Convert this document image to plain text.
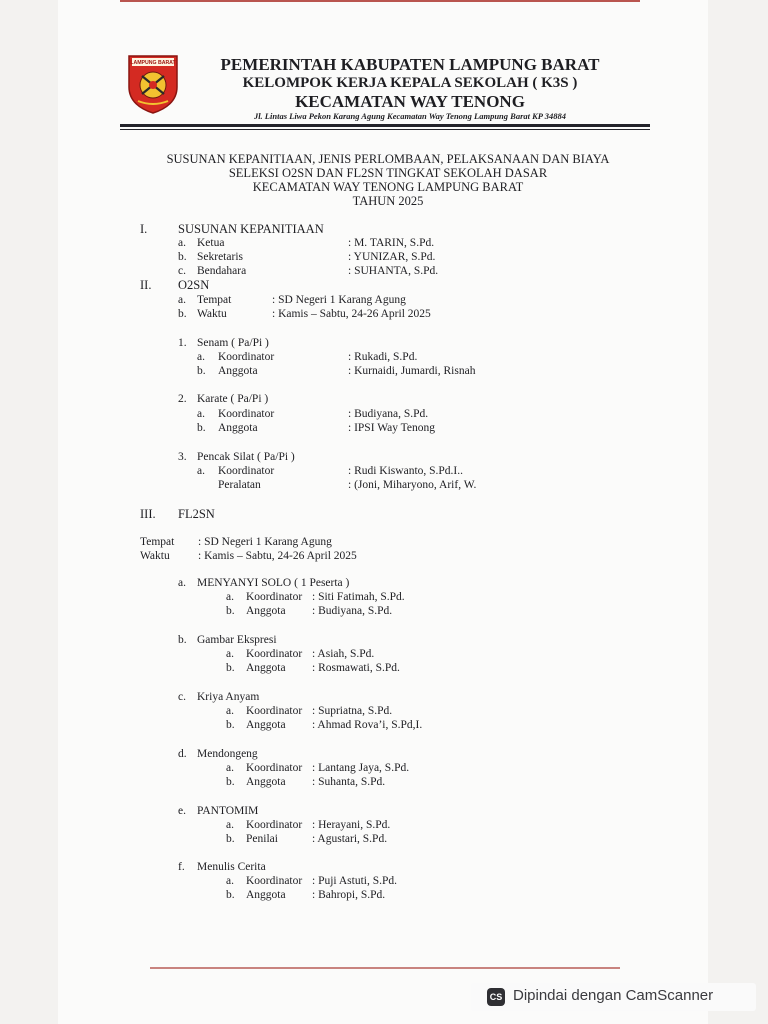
LAMPUNG BARAT	PEMERINTAH KABUPATEN LAMPUNG BARAT
KELOMPOK KERJA KEPALA SEKOLAH ( K3S )
KECAMATAN WAY TENONG
Jl. Lintas Liwa Pekon Karang Agung Kecamatan Way Tenong Lampung Barat KP 34884
SUSUNAN KEPANITIAAN, JENIS PERLOMBAAN, PELAKSANAAN DAN BIAYA
SELEKSI O2SN DAN FL2SN TINGKAT SEKOLAH DASAR
KECAMATAN WAY TENONG LAMPUNG BARAT
TAHUN 2025
I. SUSUNAN KEPANITIAAN
a. Ketua	: M. TARIN, S.Pd.
b. Sekretaris	: YUNIZAR, S.Pd.
c. Bendahara	: SUHANTA, S.Pd.
II. O2SN
a. Tempat	: SD Negeri 1 Karang Agung
b. Waktu	: Kamis – Sabtu, 24-26 April 2025
1. Senam ( Pa/Pi )
a. Koordinator	: Rukadi, S.Pd.
b. Anggota	: Kurnaidi, Jumardi, Risnah
2. Karate ( Pa/Pi )
a. Koordinator	: Budiyana, S.Pd.
b. Anggota	: IPSI Way Tenong
3. Pencak Silat ( Pa/Pi )
a. Koordinator	: Rudi Kiswanto, S.Pd.I..
Peralatan	: (Joni, Miharyono, Arif, W.
III. FL2SN
Tempat : SD Negeri 1 Karang Agung
Waktu : Kamis – Sabtu, 24-26 April 2025
a. MENYANYI SOLO ( 1 Peserta )
a. Koordinator : Siti Fatimah, S.Pd.
b. Anggota : Budiyana, S.Pd.
b. Gambar Ekspresi
a. Koordinator : Asiah, S.Pd.
b. Anggota : Rosmawati, S.Pd.
c. Kriya Anyam
a. Koordinator : Supriatna, S.Pd.
b. Anggota : Ahmad Rova’i, S.Pd,I.
d. Mendongeng
a. Koordinator : Lantang Jaya, S.Pd.
b. Anggota : Suhanta, S.Pd.
e. PANTOMIM
a. Koordinator : Herayani, S.Pd.
b. Penilai	: Agustari, S.Pd.
f. Menulis Cerita
a. Koordinator : Puji Astuti, S.Pd.
b. Anggota : Bahropi, S.Pd.
CS Dipindai dengan CamScanner
